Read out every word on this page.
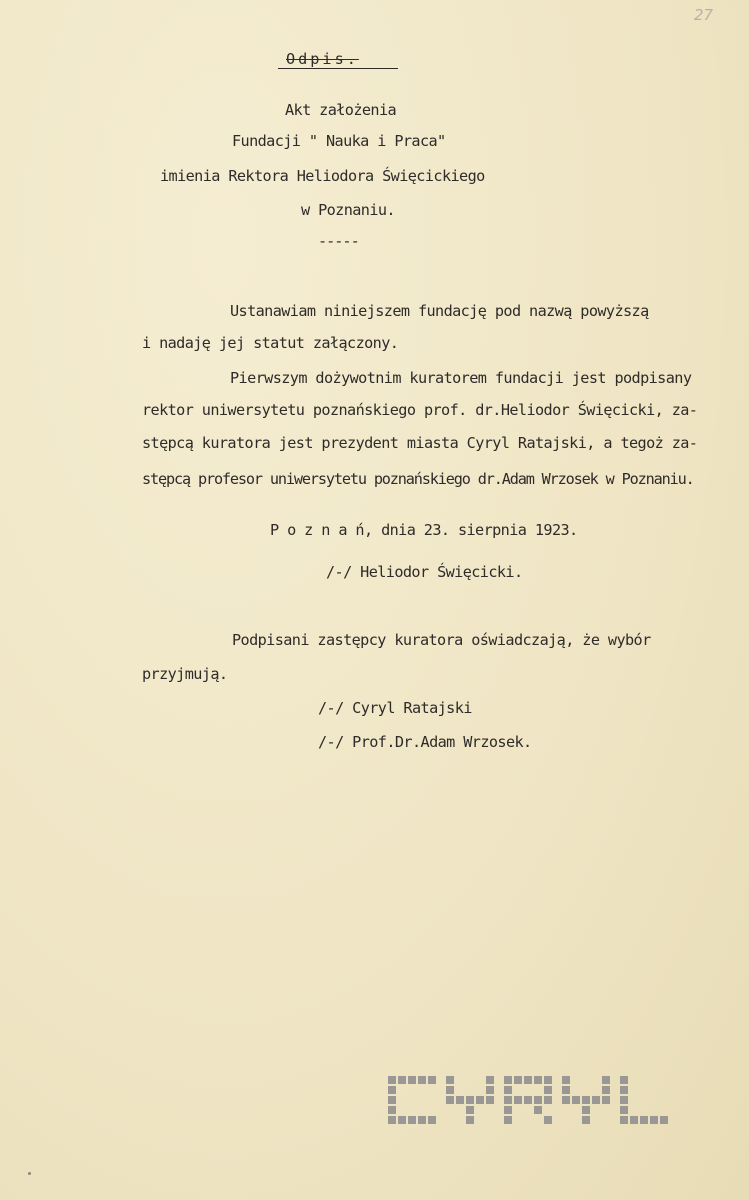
27
Odpis.
Akt założenia
Fundacji " Nauka i Praca"
imienia Rektora Heliodora Święcickiego
w Poznaniu.
-----
Ustanawiam niniejszem fundację pod nazwą powyższą
i nadaję jej statut załączony.
Pierwszym dożywotnim kuratorem fundacji jest podpisany
rektor uniwersytetu poznańskiego prof. dr.Heliodor Święcicki, za-
stępcą kuratora jest prezydent miasta Cyryl Ratajski, a tegoż za-
stępcą profesor uniwersytetu poznańskiego dr.Adam Wrzosek w Poznaniu.
P o z n a ń, dnia 23. sierpnia 1923.
/-/ Heliodor Święcicki.
Podpisani zastępcy kuratora oświadczają, że wybór
przyjmują.
/-/ Cyryl Ratajski
/-/ Prof.Dr.Adam Wrzosek.
